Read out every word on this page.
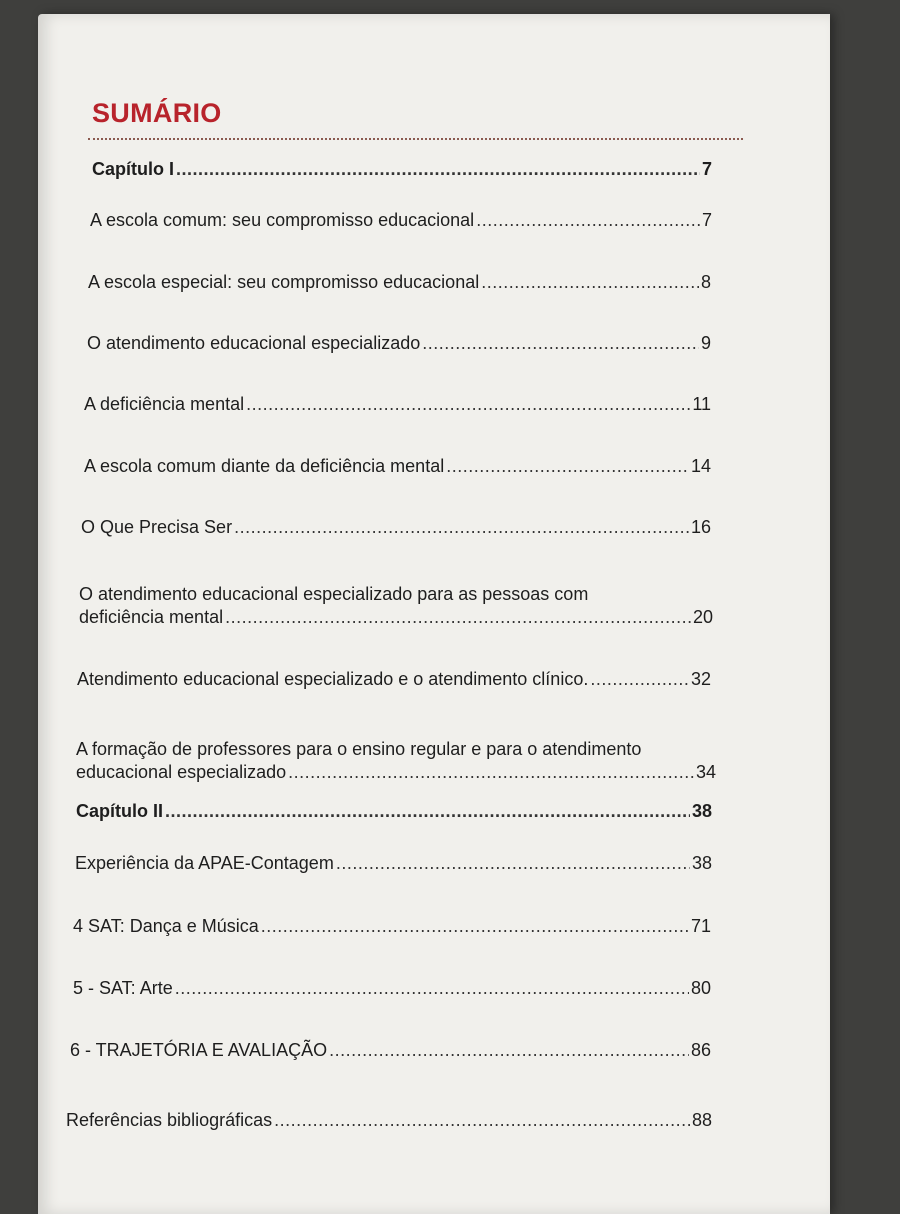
SUMÁRIO
Capítulo I .....	7
A escola comum: seu compromisso educacional .....	7
A escola especial: seu compromisso educacional .....	8
O atendimento educacional especializado .....	9
A deficiência mental .....	11
A escola comum diante da deficiência mental .....	14
O Que Precisa Ser .....	16
O atendimento educacional especializado para as pessoas com
deficiência mental .....	20
Atendimento educacional especializado e o atendimento clínico. .....	32
A formação de professores para o ensino regular e para o atendimento
educacional especializado .....	34
Capítulo II .....	38
Experiência da APAE-Contagem .....	38
4 SAT: Dança e Música .....	71
5 - SAT: Arte .....	80
6 - TRAJETÓRIA E AVALIAÇÃO .....	86
Referências bibliográficas .....	88
